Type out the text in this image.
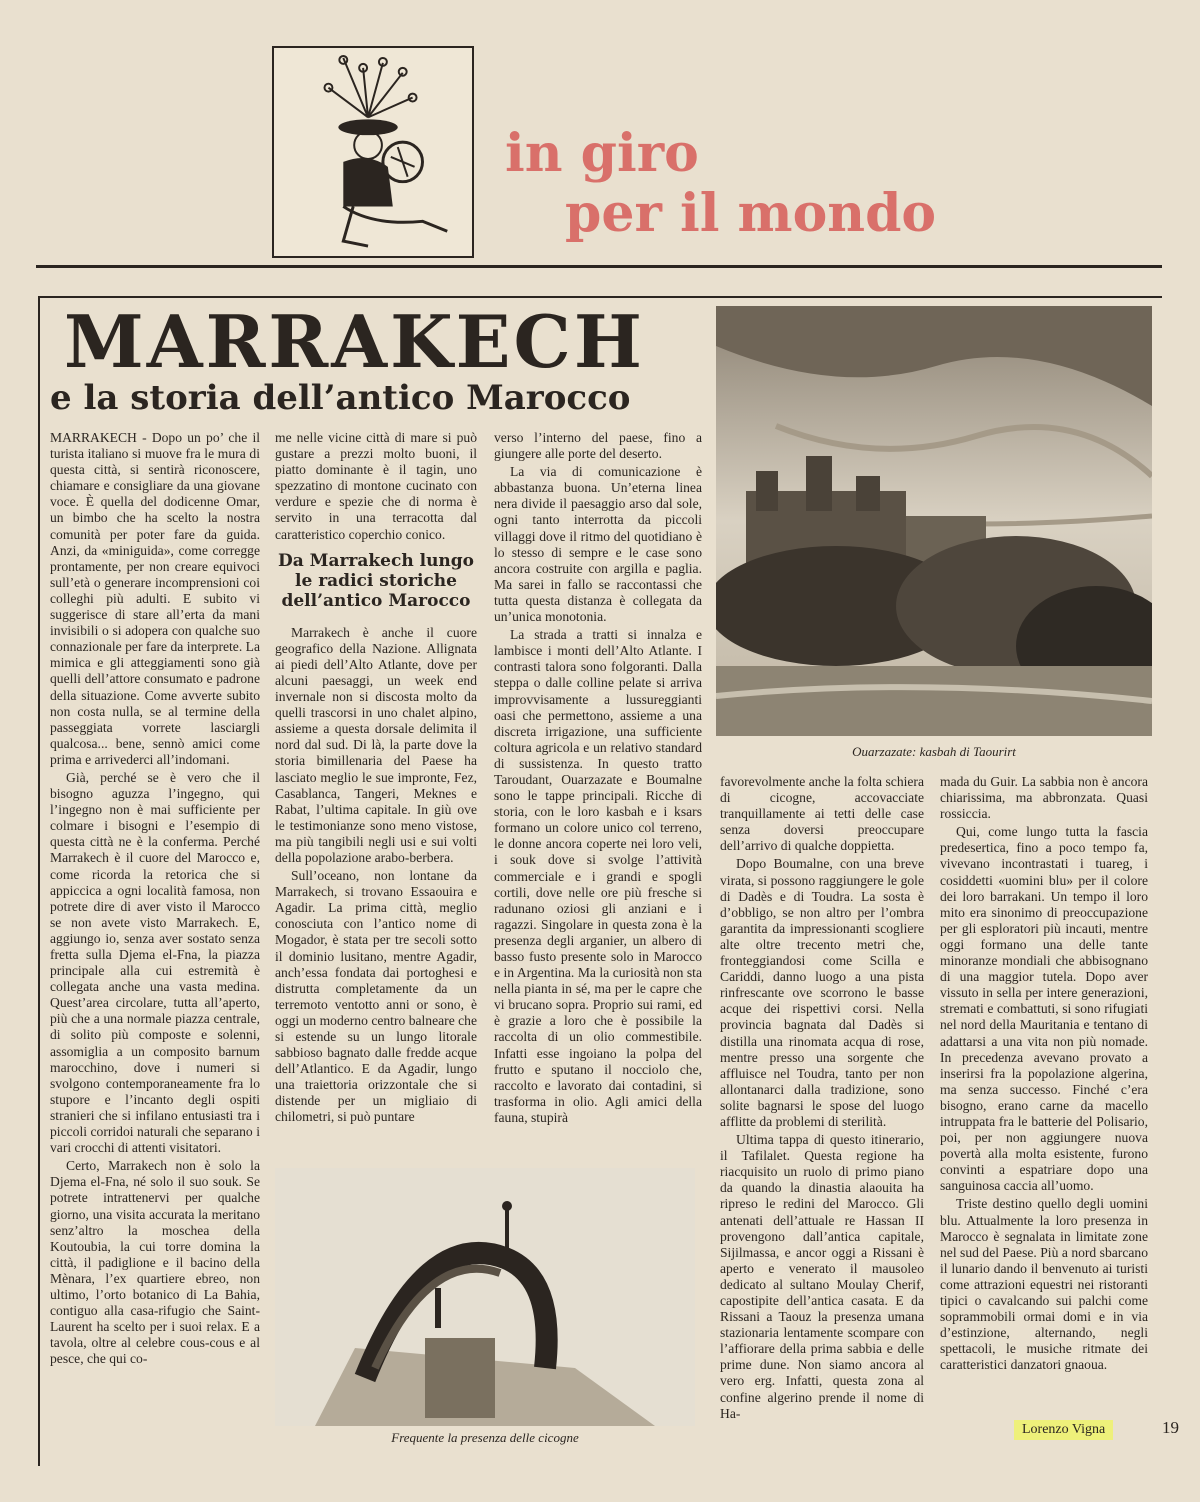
in giro
per il mondo
MARRAKECH
e la storia dell’antico Marocco

MARRAKECH - Dopo un po’ che il turista italiano si muove fra le mura di questa città, si sentirà riconoscere, chiamare e consigliare da una giovane voce. È quella del dodicenne Omar, un bimbo che ha scelto la nostra comunità per poter fare da guida. Anzi, da «miniguida», come corregge prontamente, per non creare equivoci sull’età o generare incomprensioni coi colleghi più adulti. E subito vi suggerisce di stare all’erta da mani invisibili o si adopera con qualche suo connazionale per fare da interprete. La mimica e gli atteggiamenti sono già quelli dell’attore consumato e padrone della situazione. Come avverte subito non costa nulla, se al termine della passeggiata vorrete lasciargli qualcosa... bene, sennò amici come prima e arrivederci all’indomani.

Già, perché se è vero che il bisogno aguzza l’ingegno, qui l’ingegno non è mai sufficiente per colmare i bisogni e l’esempio di questa città ne è la conferma. Perché Marrakech è il cuore del Marocco e, come ricorda la retorica che si appiccica a ogni località famosa, non potrete dire di aver visto il Marocco se non avete visto Marrakech. E, aggiungo io, senza aver sostato senza fretta sulla Djema el-Fna, la piazza principale alla cui estremità è collegata anche una vasta medina. Quest’area circolare, tutta all’aperto, più che a una normale piazza centrale, di solito più composte e solenni, assomiglia a un composito barnum marocchino, dove i numeri si svolgono contemporaneamente fra lo stupore e l’incanto degli ospiti stranieri che si infilano entusiasti tra i piccoli corridoi naturali che separano i vari crocchi di attenti visitatori.

Certo, Marrakech non è solo la Djema el-Fna, né solo il suo souk. Se potrete intrattenervi per qualche giorno, una visita accurata la meritano senz’altro la moschea della Koutoubia, la cui torre domina la città, il padiglione e il bacino della Mènara, l’ex quartiere ebreo, non ultimo, l’orto botanico di La Bahia, contiguo alla casa-rifugio che Saint-Laurent ha scelto per i suoi relax. E a tavola, oltre al celebre cous-cous e al pesce, che qui co-

me nelle vicine città di mare si può gustare a prezzi molto buoni, il piatto dominante è il tagin, uno spezzatino di montone cucinato con verdure e spezie che di norma è servito in una terracotta dal caratteristico coperchio conico.

Da Marrakech lungo le radici storiche dell’antico Marocco

Marrakech è anche il cuore geografico della Nazione. Allignata ai piedi dell’Alto Atlante, dove per alcuni paesaggi, un week end invernale non si discosta molto da quelli trascorsi in uno chalet alpino, assieme a questa dorsale delimita il nord dal sud. Di là, la parte dove la storia bimillenaria del Paese ha lasciato meglio le sue impronte, Fez, Casablanca, Tangeri, Meknes e Rabat, l’ultima capitale. In giù ove le testimonianze sono meno vistose, ma più tangibili negli usi e sui volti della popolazione arabo-berbera.

Sull’oceano, non lontane da Marrakech, si trovano Essaouira e Agadir. La prima città, meglio conosciuta con l’antico nome di Mogador, è stata per tre secoli sotto il dominio lusitano, mentre Agadir, anch’essa fondata dai portoghesi e distrutta completamente da un terremoto ventotto anni or sono, è oggi un moderno centro balneare che si estende su un lungo litorale sabbioso bagnato dalle fredde acque dell’Atlantico. E da Agadir, lungo una traiettoria orizzontale che si distende per un migliaio di chilometri, si può puntare

verso l’interno del paese, fino a giungere alle porte del deserto.

La via di comunicazione è abbastanza buona. Un’eterna linea nera divide il paesaggio arso dal sole, ogni tanto interrotta da piccoli villaggi dove il ritmo del quotidiano è lo stesso di sempre e le case sono ancora costruite con argilla e paglia. Ma sarei in fallo se raccontassi che tutta questa distanza è collegata da un’unica monotonia.

La strada a tratti si innalza e lambisce i monti dell’Alto Atlante. I contrasti talora sono folgoranti. Dalla steppa o dalle colline pelate si arriva improvvisamente a lussureggianti oasi che permettono, assieme a una discreta irrigazione, una sufficiente coltura agricola e un relativo standard di sussistenza. In questo tratto Taroudant, Ouarzazate e Boumalne sono le tappe principali. Ricche di storia, con le loro kasbah e i ksars formano un colore unico col terreno, le donne ancora coperte nei loro veli, i souk dove si svolge l’attività commerciale e i grandi e spogli cortili, dove nelle ore più fresche si radunano oziosi gli anziani e i ragazzi. Singolare in questa zona è la presenza degli arganier, un albero di basso fusto presente solo in Marocco e in Argentina. Ma la curiosità non sta nella pianta in sé, ma per le capre che vi brucano sopra. Proprio sui rami, ed è grazie a loro che è possibile la raccolta di un olio commestibile. Infatti esse ingoiano la polpa del frutto e sputano il nocciolo che, raccolto e lavorato dai contadini, si trasforma in olio. Agli amici della fauna, stupirà

Ouarzazate: kasbah di Taourirt

favorevolmente anche la folta schiera di cicogne, accovacciate tranquillamente ai tetti delle case senza doversi preoccupare dell’arrivo di qualche doppietta.

Dopo Boumalne, con una breve virata, si possono raggiungere le gole di Dadès e di Toudra. La sosta è d’obbligo, se non altro per l’ombra garantita da impressionanti scogliere alte oltre trecento metri che, fronteggiandosi come Scilla e Cariddi, danno luogo a una pista rinfrescante ove scorrono le basse acque dei rispettivi corsi. Nella provincia bagnata dal Dadès si distilla una rinomata acqua di rose, mentre presso una sorgente che affluisce nel Toudra, tanto per non allontanarci dalla tradizione, sono solite bagnarsi le spose del luogo afflitte da problemi di sterilità.

Ultima tappa di questo itinerario, il Tafilalet. Questa regione ha riacquisito un ruolo di primo piano da quando la dinastia alaouita ha ripreso le redini del Marocco. Gli antenati dell’attuale re Hassan II provengono dall’antica capitale, Sijilmassa, e ancor oggi a Rissani è aperto e venerato il mausoleo dedicato al sultano Moulay Cherif, capostipite dell’antica casata. E da Rissani a Taouz la presenza umana stazionaria lentamente scompare con l’affiorare della prima sabbia e delle prime dune. Non siamo ancora al vero erg. Infatti, questa zona al confine algerino prende il nome di Ha-

mada du Guir. La sabbia non è ancora chiarissima, ma abbronzata. Quasi rossiccia.

Qui, come lungo tutta la fascia predesertica, fino a poco tempo fa, vivevano incontrastati i tuareg, i cosiddetti «uomini blu» per il colore dei loro barrakani. Un tempo il loro mito era sinonimo di preoccupazione per gli esploratori più incauti, mentre oggi formano una delle tante minoranze mondiali che abbisognano di una maggior tutela. Dopo aver vissuto in sella per intere generazioni, stremati e combattuti, si sono rifugiati nel nord della Mauritania e tentano di adattarsi a una vita non più nomade. In precedenza avevano provato a inserirsi fra la popolazione algerina, ma senza successo. Finché c’era bisogno, erano carne da macello intruppata fra le batterie del Polisario, poi, per non aggiungere nuova povertà alla molta esistente, furono convinti a espatriare dopo una sanguinosa caccia all’uomo.

Triste destino quello degli uomini blu. Attualmente la loro presenza in Marocco è segnalata in limitate zone nel sud del Paese. Più a nord sbarcano il lunario dando il benvenuto ai turisti come attrazioni equestri nei ristoranti tipici o cavalcando sui palchi come soprammobili ormai domi e in via d’estinzione, alternando, negli spettacoli, le musiche ritmate dei caratteristici danzatori gnaoua.

Frequente la presenza delle cicogne
Lorenzo Vigna	19
